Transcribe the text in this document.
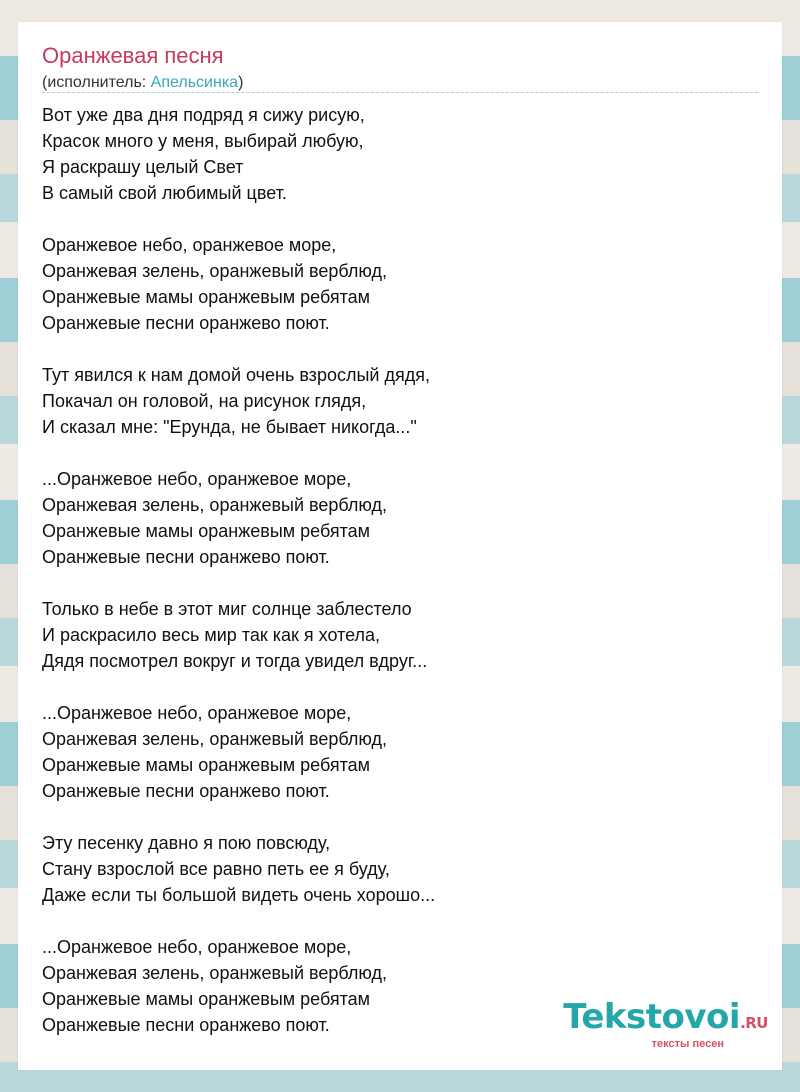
Оранжевая песня
(исполнитель: Апельсинка)
Вот уже два дня подряд я сижу рисую,
Красок много у меня, выбирай любую,
Я раскрашу целый Свет
В самый свой любимый цвет.
Оранжевое небо, оранжевое море,
Оранжевая зелень, оранжевый верблюд,
Оранжевые мамы оранжевым ребятам
Оранжевые песни оранжево поют.
Тут явился к нам домой очень взрослый дядя,
Покачал он головой, на рисунок глядя,
И сказал мне: "Ерунда, не бывает никогда..."
...Оранжевое небо, оранжевое море,
Оранжевая зелень, оранжевый верблюд,
Оранжевые мамы оранжевым ребятам
Оранжевые песни оранжево поют.
Только в небе в этот миг солнце заблестело
И раскрасило весь мир так как я хотела,
Дядя посмотрел вокруг и тогда увидел вдруг...
...Оранжевое небо, оранжевое море,
Оранжевая зелень, оранжевый верблюд,
Оранжевые мамы оранжевым ребятам
Оранжевые песни оранжево поют.
Эту песенку давно я пою повсюду,
Стану взрослой все равно петь ее я буду,
Даже если ты большой видеть очень хорошо...
...Оранжевое небо, оранжевое море,
Оранжевая зелень, оранжевый верблюд,
Оранжевые мамы оранжевым ребятам
Оранжевые песни оранжево поют.	Tekstovoi.RU
тексты песен
